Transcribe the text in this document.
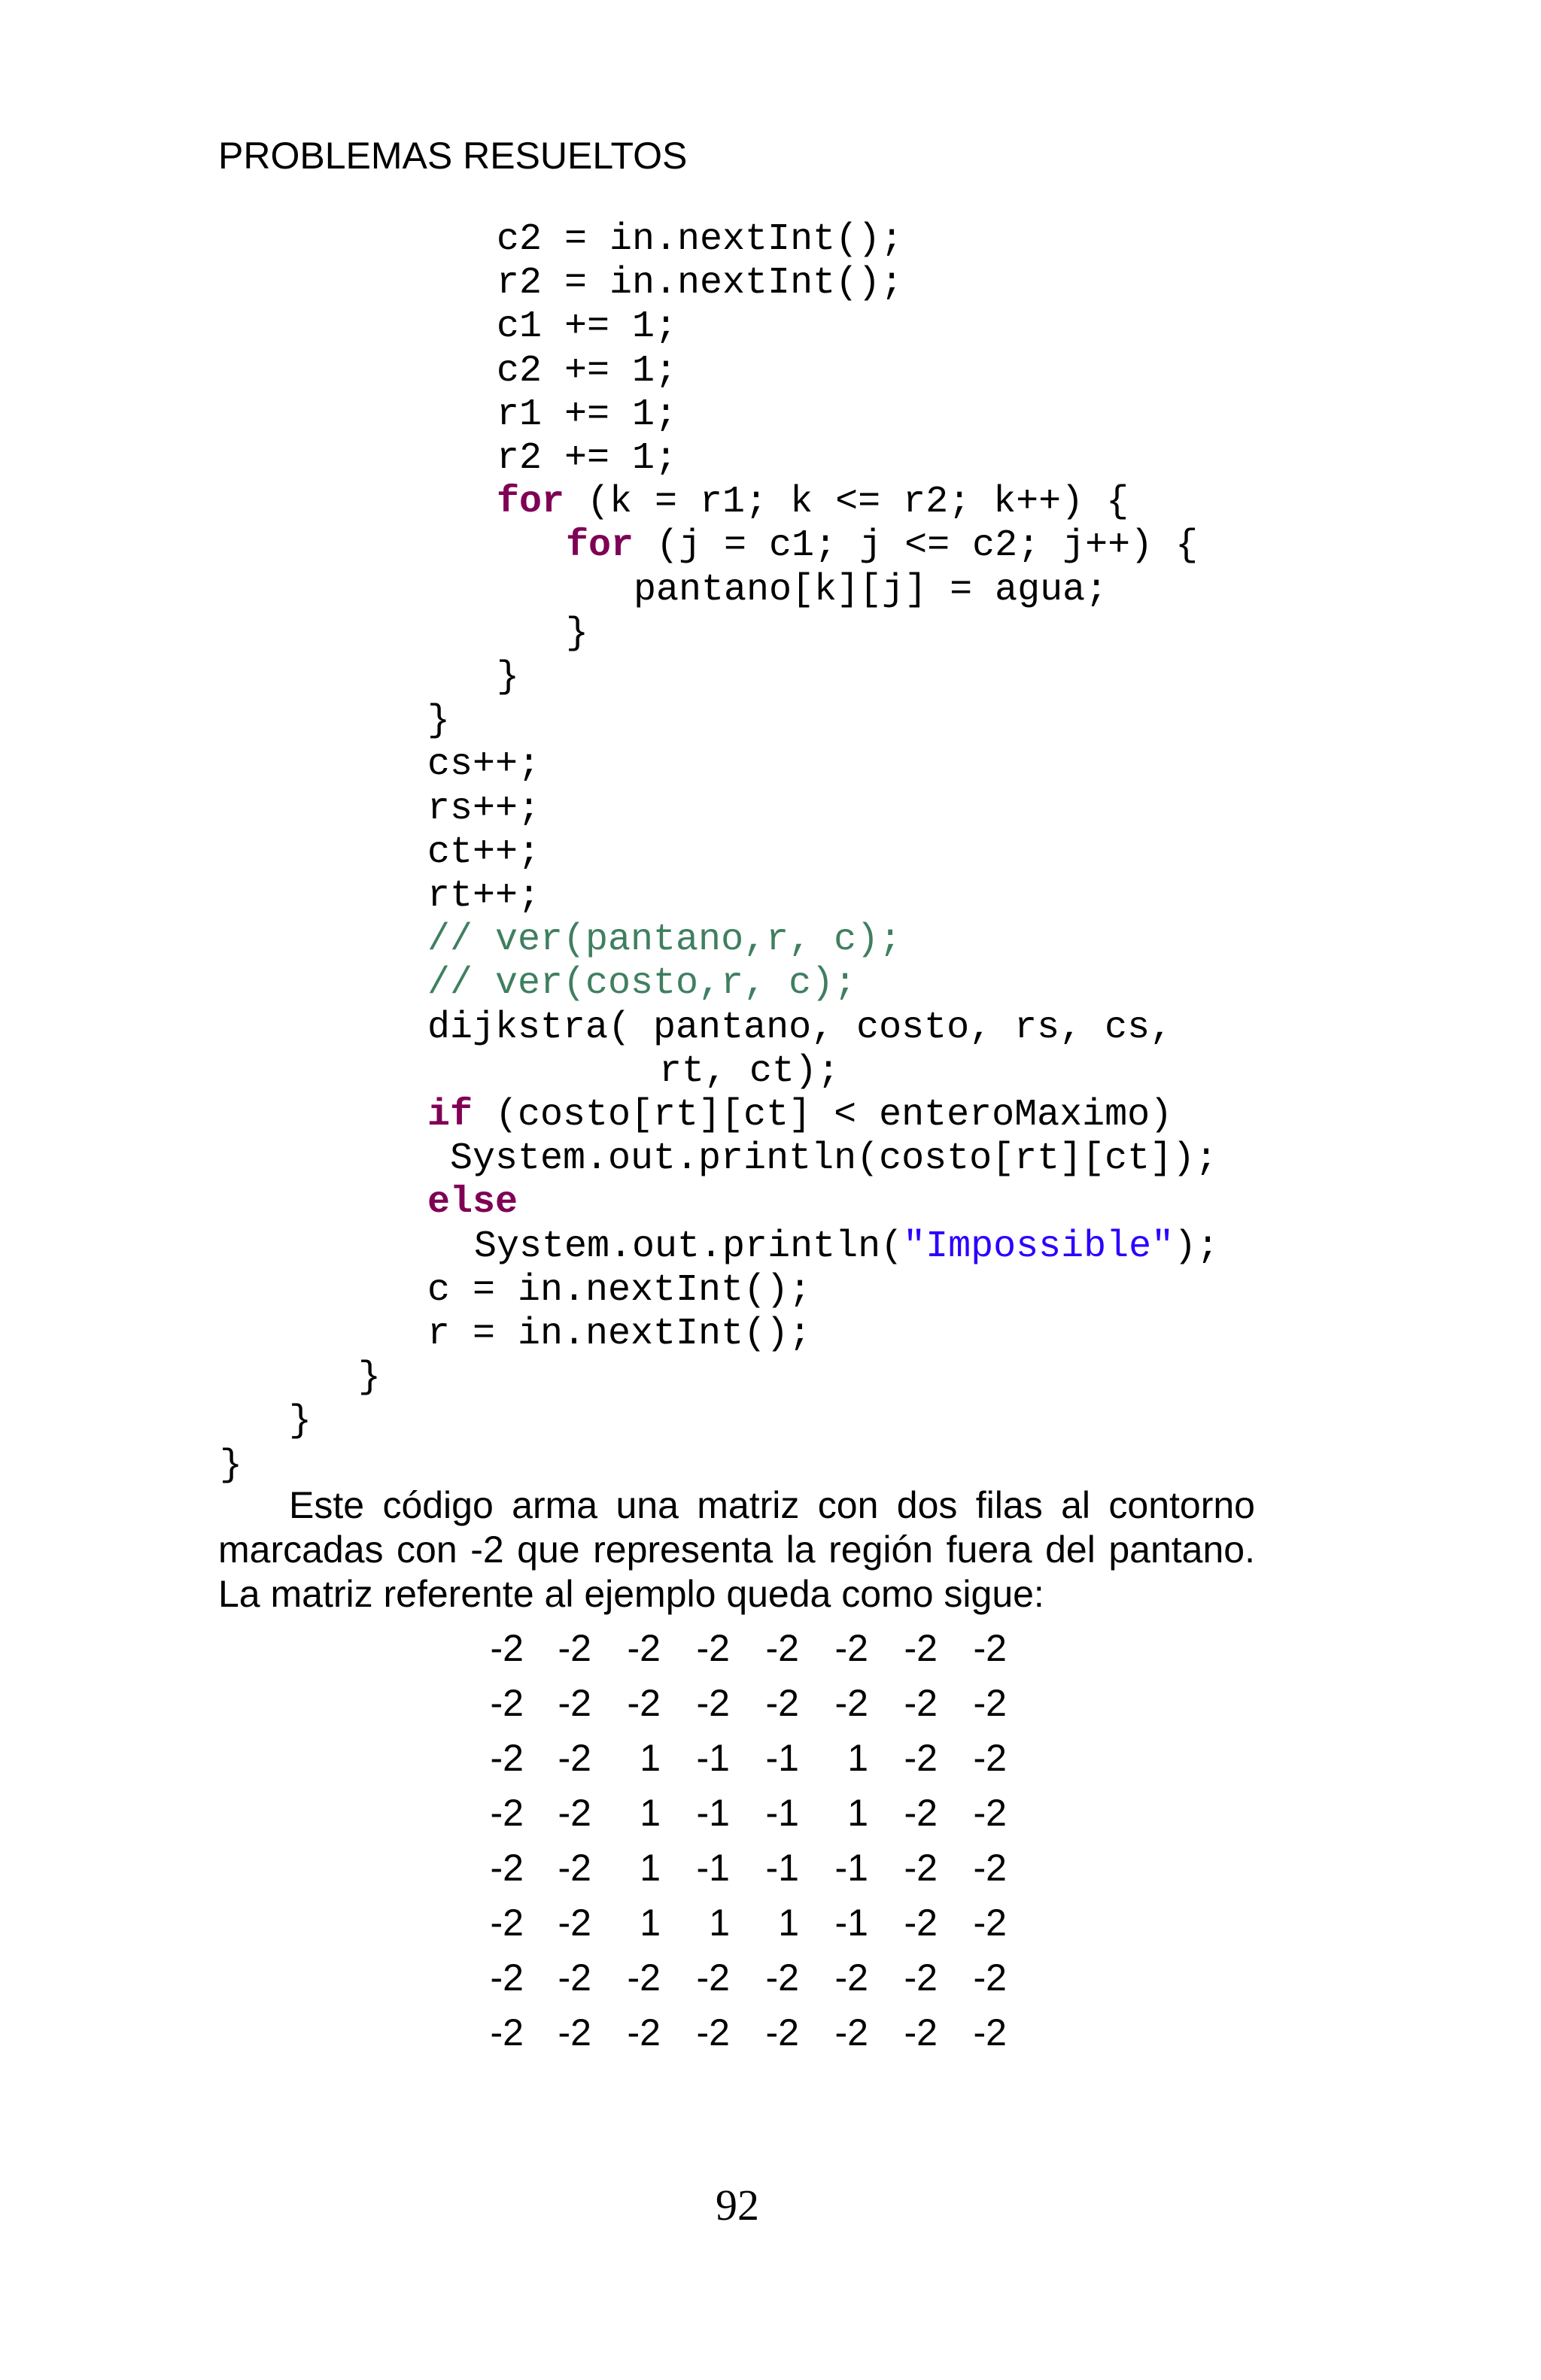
PROBLEMAS RESUELTOS
c2 = in.nextInt();
r2 = in.nextInt();
c1 += 1;
c2 += 1;
r1 += 1;
r2 += 1;
for (k = r1; k <= r2; k++) {
for (j = c1; j <= c2; j++) {
pantano[k][j] = agua;
}
}
}
cs++;
rs++;
ct++;
rt++;
// ver(pantano,r, c);
// ver(costo,r, c);
dijkstra( pantano, costo, rs, cs,
rt, ct);
if (costo[rt][ct] < enteroMaximo)
System.out.println(costo[rt][ct]);
else
System.out.println("Impossible");
c = in.nextInt();
r = in.nextInt();
}
}
}
Este código arma una matriz con dos filas al contorno marcadas con -2 que representa la región fuera del pantano. La matriz referente al ejemplo queda como sigue:
-2 -2 -2 -2 -2 -2 -2 -2
-2 -2 -2 -2 -2 -2 -2 -2
-2 -2	1 -1 -1	1 -2 -2
-2 -2	1 -1 -1	1 -2 -2
-2 -2	1 -1 -1 -1 -2 -2
-2 -2	1	1	1 -1 -2 -2
-2 -2 -2 -2 -2 -2 -2 -2
-2 -2 -2 -2 -2 -2 -2 -2
92
